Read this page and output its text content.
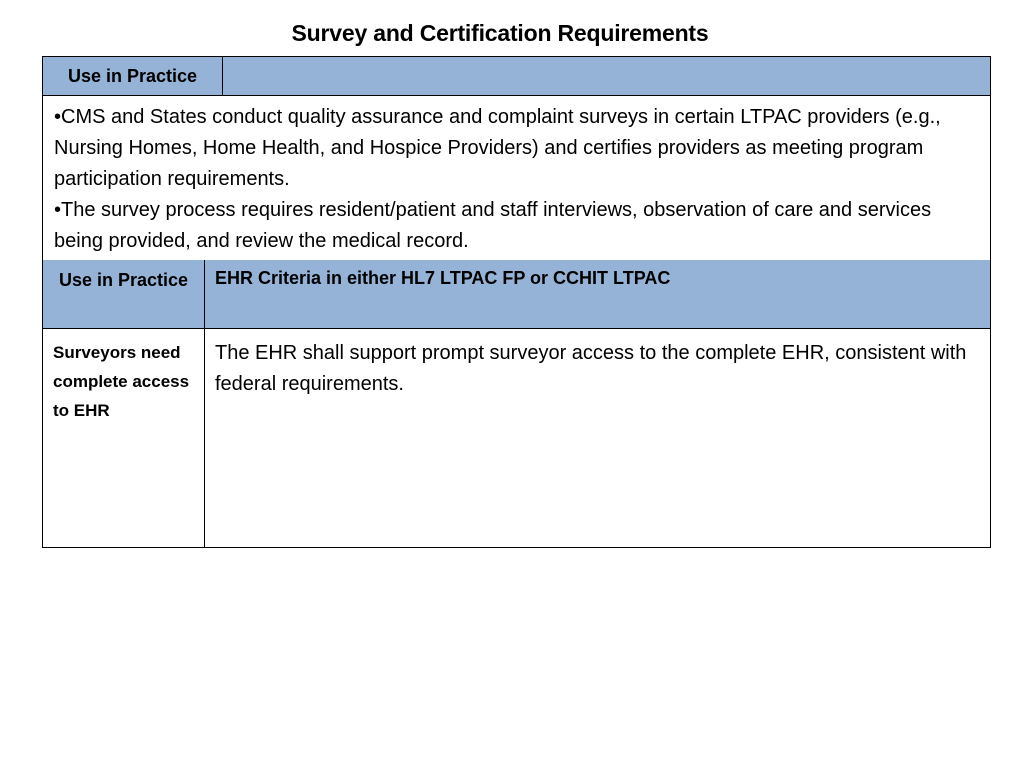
Survey and Certification Requirements
Use in Practice

•CMS and States conduct quality assurance and complaint surveys in certain LTPAC providers (e.g., Nursing Homes, Home Health, and Hospice Providers) and certifies providers as meeting program participation requirements.

•The survey process requires resident/patient and staff interviews, observation of care and services being provided, and review the medical record.

Use in Practice	EHR Criteria in either HL7 LTPAC FP or CCHIT LTPAC
Surveyors need complete access to EHR
The EHR shall support prompt surveyor access to the complete EHR, consistent with federal requirements.
